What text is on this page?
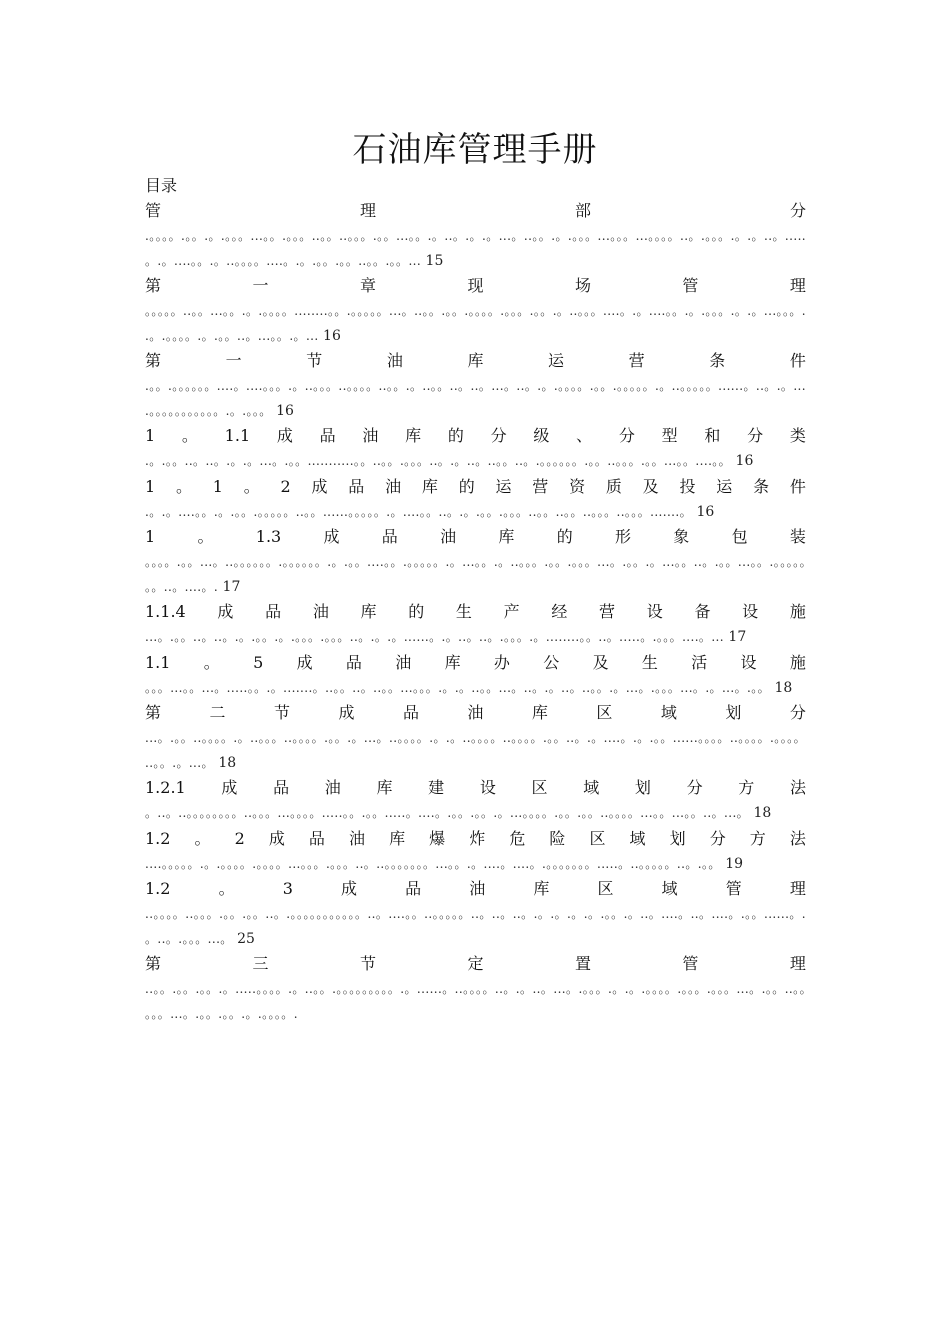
石油库管理手册
目录
管	理	部	分
.。。。。.。。.。.。。。...。。.。。。..。。..。。。.。。...。。.。..。.。.。...。..。。.。.。。。...。。。...。。。。..。.。。。.。.。..。.....。.。....。。.。..。。。。....。.。.。。.。。..。。.。。... 15
第	一	章	现	场	管	理
。。。。。..。。...。。.。.。。。。........。。.。。。。。...。..。。.。。.。。。。.。。。.。。.。..。。。....。.。....。。.。.。。。.。.。...。。。..。.。。。。.。.。。..。...。。.。... 16
第	一	节	油	库	运	营	条	件
.。。.。。。。。。....。....。。。.。..。。。..。。。。..。。.。..。。..。..。...。..。.。.。。。。.。。.。。。。。.。..。。。。。......。..。.。....。。。。。。。。。。。.。.。。。 16
1 。 1.1 成 品 油 库 的 分 级 、 分 型 和 分 类
.。.。。..。..。.。.。...。.。。...........。。..。。.。。。..。.。..。..。。..。.。。。。。。.。。..。。。.。。...。。....。。 16
1 。 1 。 2 成 品 油 库 的 运 营 资 质 及 投 运 条 件
.。.。....。。.。.。。.。。。。。..。。......。。。。。.。....。。..。.。.。。.。。。..。。..。。..。。。..。。。.......。 16
1	。	1.3	成	品	油	库	的	形	象	包	装
。。。。.。。...。..。。。。。。.。。。。。。.。.。。....。。.。。。。。.。...。。.。..。。。.。。.。。。...。.。。.。...。。..。.。。...。。.。。。。。。。..。....。. 17
1.1.4 成 品 油 库 的 生 产 经 营 设 备 设 施
...。.。。..。..。.。.。。.。.。。。.。。。..。.。.。......。.。..。..。.。。。.。........。。..。.....。.。。。....。... 17
1.1 。 5 成 品 油 库 办 公 及 生 活 设 施
。。。...。。...。.....。。.。.......。..。。..。..。。...。。。.。.。..。。...。..。.。..。..。。.。...。.。。。...。.。...。.。。 18
第	二	节	成	品	油	库	区	域	划	分
...。.。。..。。。。.。..。。。..。。。。.。。.。...。..。。。。.。.。..。。。。..。。。。.。。..。.。....。.。.。。......。。。。..。。。。.。。。。..。。.。...。 18
1.2.1 成 品 油 库 建 设 区 域 划 分 方 法
。..。..。。。。。。。。..。。。...。。。。.....。。.。。.....。....。.。。.。。.。...。。。。.。。.。。..。。。。...。。...。。..。...。 18
1.2 。 2 成 品 油 库 爆 炸 危 险 区 域 划 分 方 法
....。。。。。.。.。。。。.。。。。...。。。.。。。..。..。。。。。。。...。。.。....。....。.。。。。。。。.....。..。。。。。..。.。。 19
1.2	。	3	成	品	油	库	区	域	管	理
..。。。。..。。。.。。.。。..。.。。。。。。。。。。。..。....。。..。。。。。..。..。..。.。.。.。.。.。。.。..。....。..。....。.。。......。.。..。.。。。...。 25
第	三	节	定	置	管	理
..。。.。。.。。.。.....。。。。.。..。。.。。。。。。。。。.。......。..。。。。..。.。..。...。.。。。.。.。.。。。。.。。。.。。。...。.。。..。。。。。...。.。。.。。.。.。。。。.
